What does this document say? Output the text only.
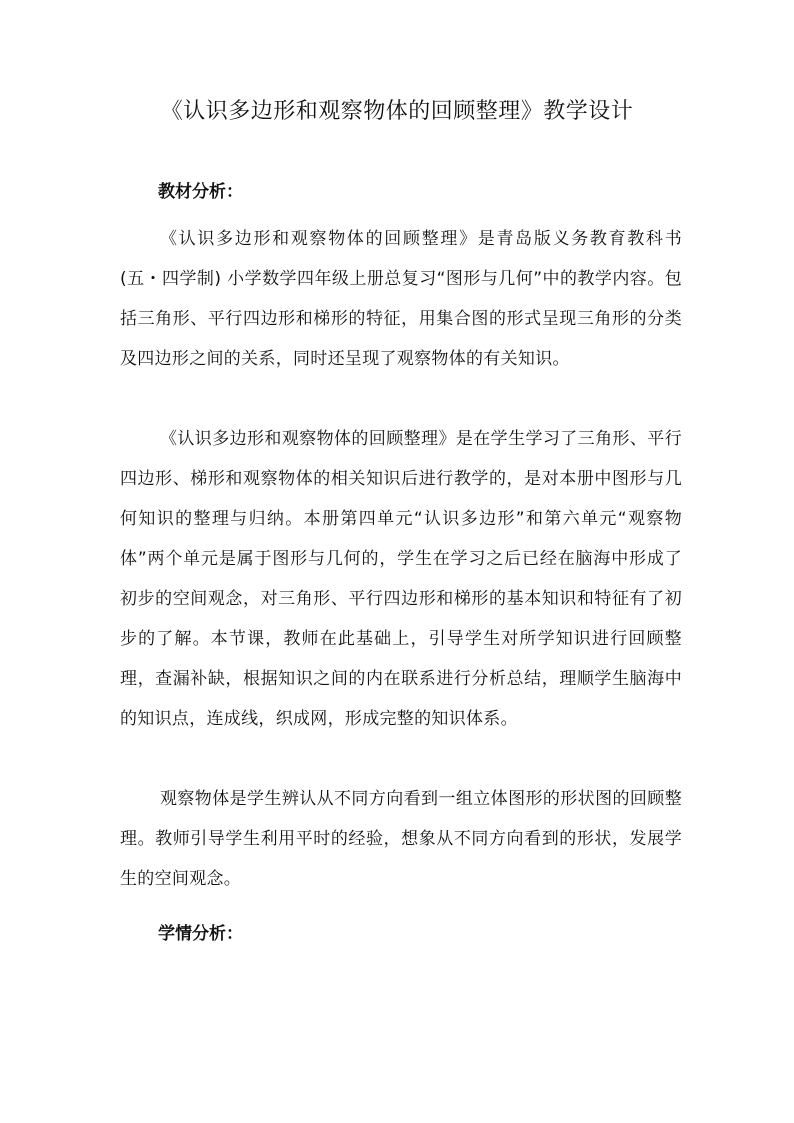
《认识多边形和观察物体的回顾整理》教学设计
教材分析：

《认识多边形和观察物体的回顾整理》是青岛版义务教育教科书(五・四学制) 小学数学四年级上册总复习“图形与几何”中的教学内容。包括三角形、平行四边形和梯形的特征，用集合图的形式呈现三角形的分类及四边形之间的关系，同时还呈现了观察物体的有关知识。

《认识多边形和观察物体的回顾整理》是在学生学习了三角形、平行四边形、梯形和观察物体的相关知识后进行教学的，是对本册中图形与几何知识的整理与归纳。本册第四单元“认识多边形”和第六单元“观察物体”两个单元是属于图形与几何的，学生在学习之后已经在脑海中形成了初步的空间观念，对三角形、平行四边形和梯形的基本知识和特征有了初步的了解。本节课，教师在此基础上，引导学生对所学知识进行回顾整理，查漏补缺，根据知识之间的内在联系进行分析总结，理顺学生脑海中的知识点，连成线，织成网，形成完整的知识体系。

观察物体是学生辨认从不同方向看到一组立体图形的形状图的回顾整理。教师引导学生利用平时的经验，想象从不同方向看到的形状，发展学生的空间观念。

学情分析：
